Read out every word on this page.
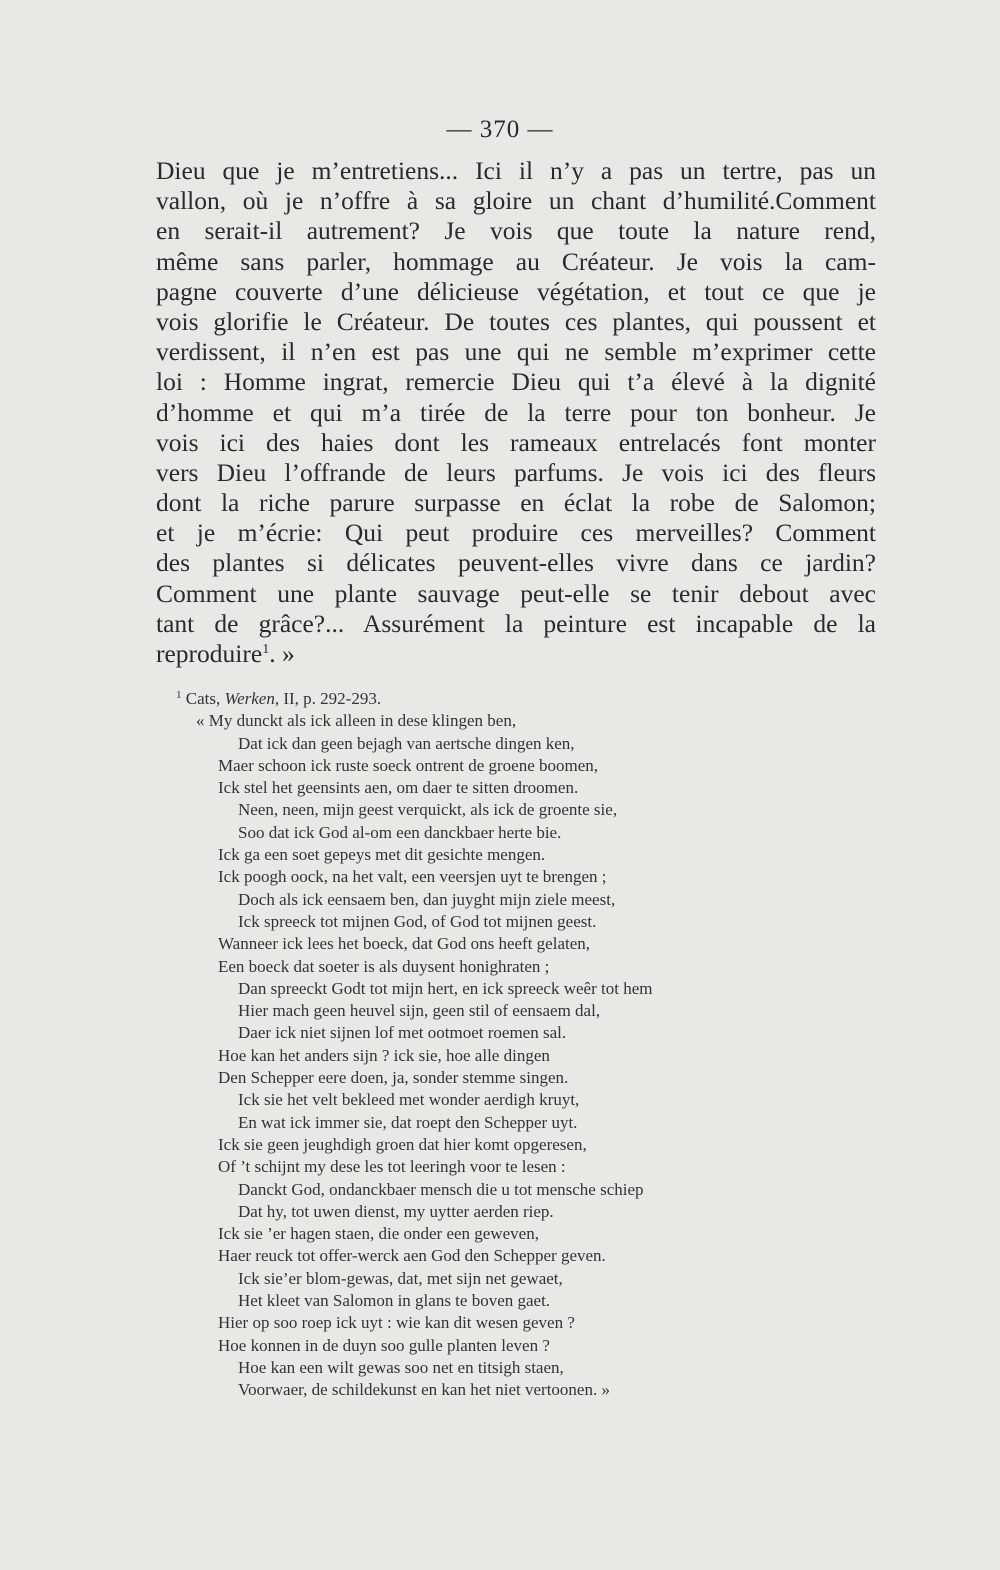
— 370 —
Dieu que je m’entretiens... Ici il n’y a pas un tertre, pas un
vallon, où je n’offre à sa gloire un chant d’humilité.Comment
en serait-il autrement? Je vois que toute la nature rend,
même sans parler, hommage au Créateur. Je vois la cam-
pagne couverte d’une délicieuse végétation, et tout ce que je
vois glorifie le Créateur. De toutes ces plantes, qui poussent et
verdissent, il n’en est pas une qui ne semble m’exprimer cette
loi : Homme ingrat, remercie Dieu qui t’a élevé à la dignité
d’homme et qui m’a tirée de la terre pour ton bonheur. Je
vois ici des haies dont les rameaux entrelacés font monter
vers Dieu l’offrande de leurs parfums. Je vois ici des fleurs
dont la riche parure surpasse en éclat la robe de Salomon;
et je m’écrie: Qui peut produire ces merveilles? Comment
des plantes si délicates peuvent-elles vivre dans ce jardin?
Comment une plante sauvage peut-elle se tenir debout avec
tant de grâce?... Assurément la peinture est incapable de la
reproduire$^1$. »
$^1$ Cats, Werken, II, p. 292-293.
« My dunckt als ick alleen in dese klingen ben,
Dat ick dan geen bejagh van aertsche dingen ken,
Maer schoon ick ruste soeck ontrent de groene boomen,
Ick stel het geensints aen, om daer te sitten droomen.
Neen, neen, mijn geest verquickt, als ick de groente sie,
Soo dat ick God al-om een danckbaer herte bie.
Ick ga een soet gepeys met dit gesichte mengen.
Ick poogh oock, na het valt, een veersjen uyt te brengen ;
Doch als ick eensaem ben, dan juyght mijn ziele meest,
Ick spreeck tot mijnen God, of God tot mijnen geest.
Wanneer ick lees het boeck, dat God ons heeft gelaten,
Een boeck dat soeter is als duysent honighraten ;
Dan spreeckt Godt tot mijn hert, en ick spreeck weêr tot hem
Hier mach geen heuvel sijn, geen stil of eensaem dal,
Daer ick niet sijnen lof met ootmoet roemen sal.
Hoe kan het anders sijn ? ick sie, hoe alle dingen
Den Schepper eere doen, ja, sonder stemme singen.
Ick sie het velt bekleed met wonder aerdigh kruyt,
En wat ick immer sie, dat roept den Schepper uyt.
Ick sie geen jeughdigh groen dat hier komt opgeresen,
Of ’t schijnt my dese les tot leeringh voor te lesen :
Danckt God, ondanckbaer mensch die u tot mensche schiep
Dat hy, tot uwen dienst, my uytter aerden riep.
Ick sie ’er hagen staen, die onder een geweven,
Haer reuck tot offer-werck aen God den Schepper geven.
Ick sie’er blom-gewas, dat, met sijn net gewaet,
Het kleet van Salomon in glans te boven gaet.
Hier op soo roep ick uyt : wie kan dit wesen geven ?
Hoe konnen in de duyn soo gulle planten leven ?
Hoe kan een wilt gewas soo net en titsigh staen,
Voorwaer, de schildekunst en kan het niet vertoonen. »
